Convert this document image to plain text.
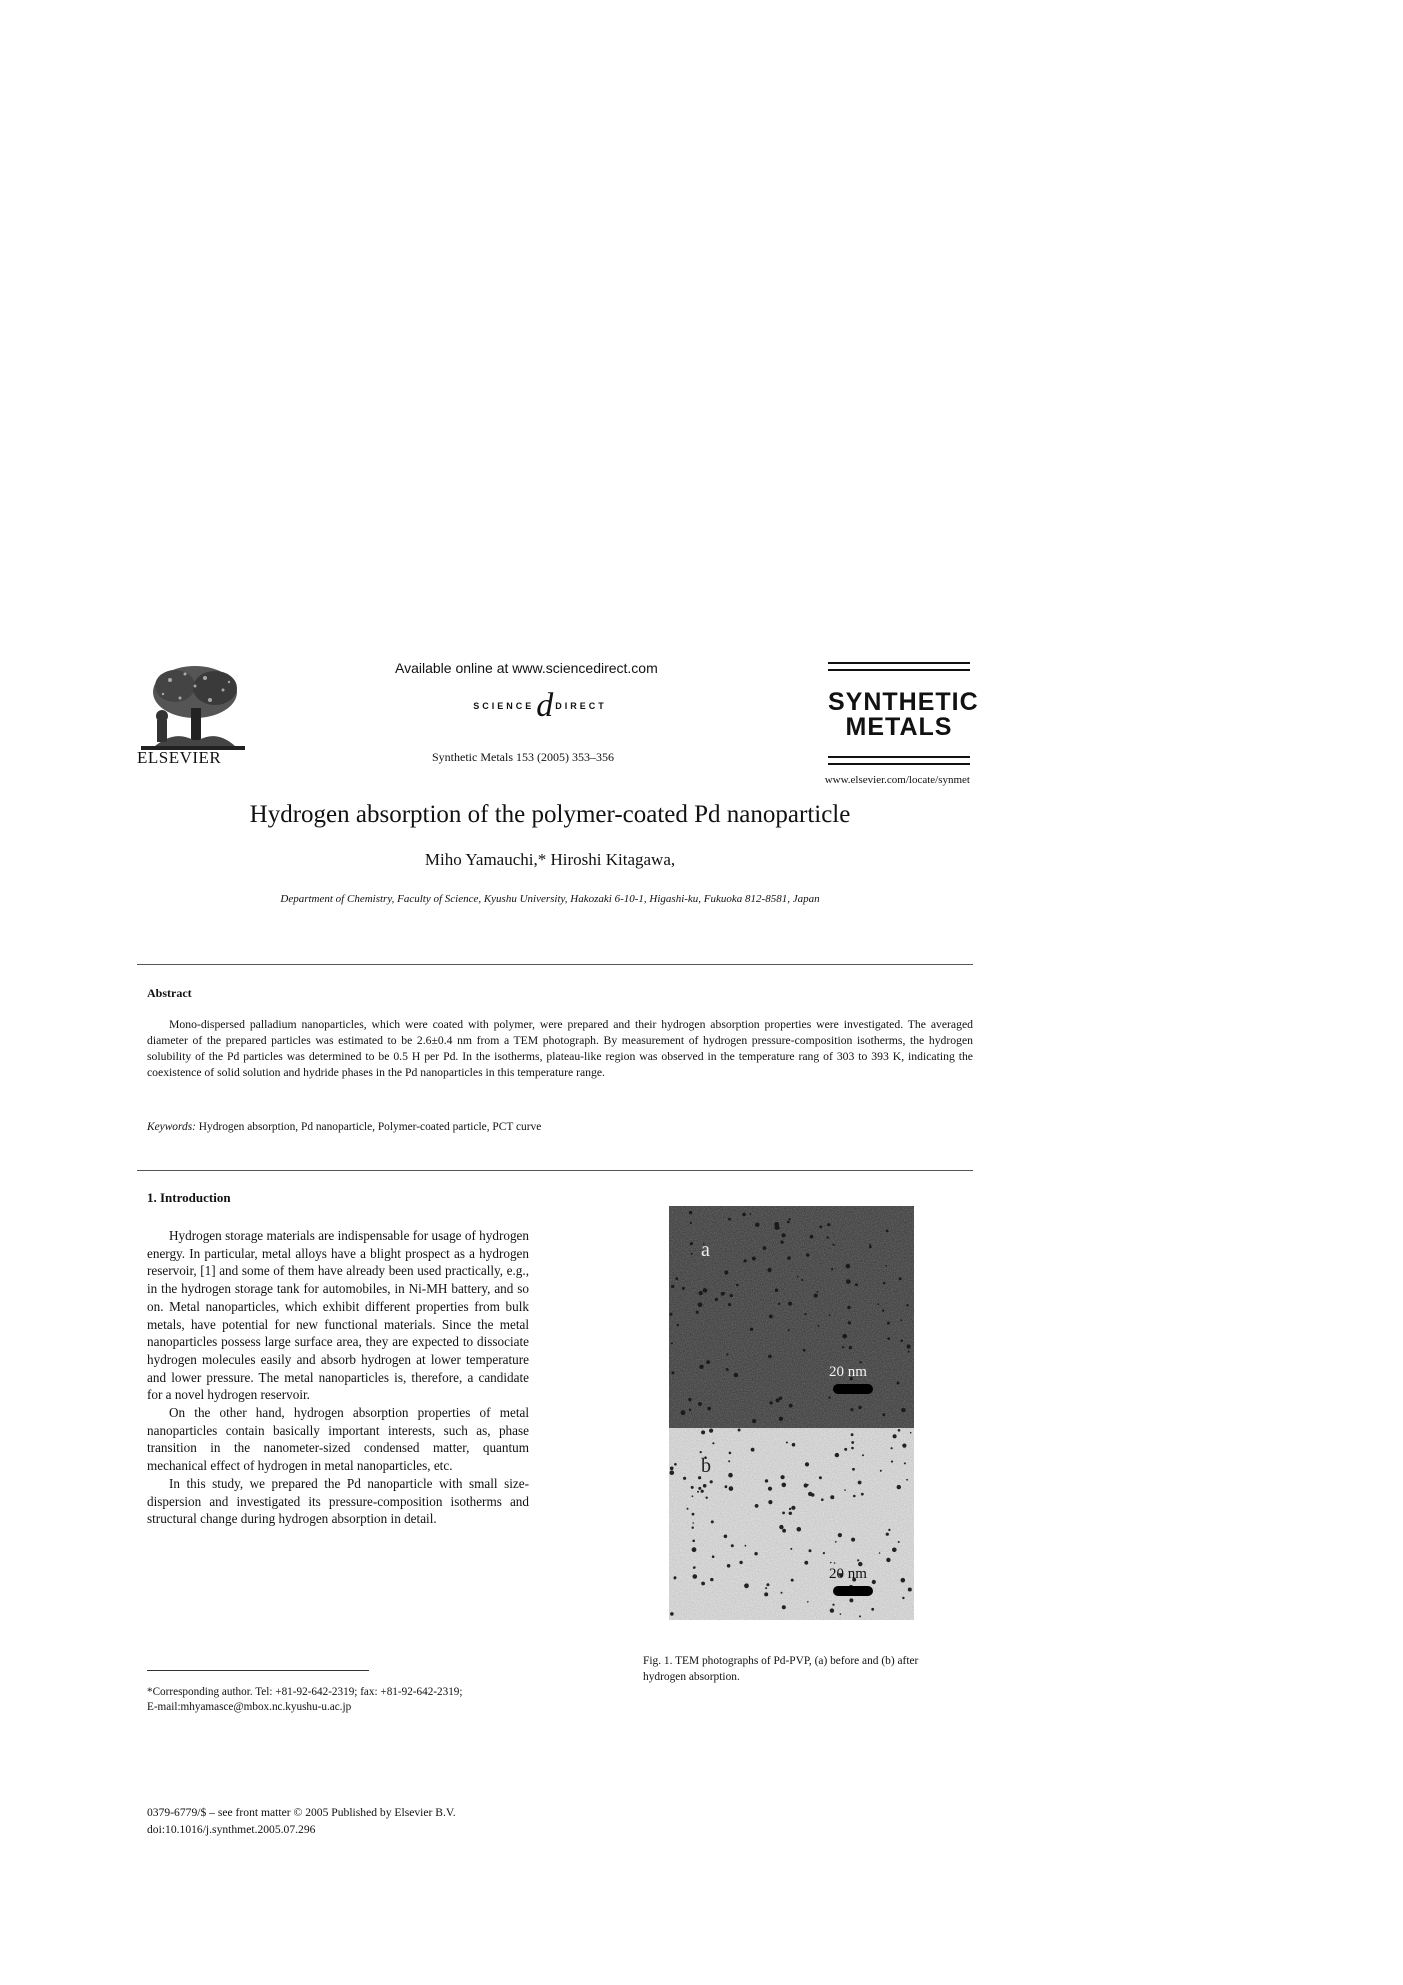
Available online at www.sciencedirect.com
SCIENCE d DIRECT
Synthetic Metals 153 (2005) 353–356
ELSEVIER
SYNTHETIC
METALS
www.elsevier.com/locate/synmet
Hydrogen absorption of the polymer-coated Pd nanoparticle
Miho Yamauchi,* Hiroshi Kitagawa,
Department of Chemistry, Faculty of Science, Kyushu University, Hakozaki 6-10-1, Higashi-ku, Fukuoka 812-8581, Japan
Abstract
Mono-dispersed palladium nanoparticles, which were coated with polymer, were prepared and their hydrogen absorption properties were investigated. The averaged diameter of the prepared particles was estimated to be 2.6±0.4 nm from a TEM photograph. By measurement of hydrogen pressure-composition isotherms, the hydrogen solubility of the Pd particles was determined to be 0.5 H per Pd. In the isotherms, plateau-like region was observed in the temperature rang of 303 to 393 K, indicating the coexistence of solid solution and hydride phases in the Pd nanoparticles in this temperature range.
Keywords: Hydrogen absorption, Pd nanoparticle, Polymer-coated particle, PCT curve
1. Introduction

Hydrogen storage materials are indispensable for usage of hydrogen energy. In particular, metal alloys have a blight prospect as a hydrogen reservoir, [1] and some of them have already been used practically, e.g., in the hydrogen storage tank for automobiles, in Ni-MH battery, and so on. Metal nanoparticles, which exhibit different properties from bulk metals, have potential for new functional materials. Since the metal nanoparticles possess large surface area, they are expected to dissociate hydrogen molecules easily and absorb hydrogen at lower temperature and lower pressure. The metal nanoparticles is, therefore, a candidate for a novel hydrogen reservoir.

On the other hand, hydrogen absorption properties of metal nanoparticles contain basically important interests, such as, phase transition in the nanometer-sized condensed matter, quantum mechanical effect of hydrogen in metal nanoparticles, etc.

In this study, we prepared the Pd nanoparticle with small size-dispersion and investigated its pressure-composition isotherms and structural change during hydrogen absorption in detail.

a
20 nm
b
20 nm
Fig. 1. TEM photographs of Pd-PVP, (a) before and (b) after hydrogen absorption.
*Corresponding author. Tel: +81-92-642-2319; fax: +81-92-642-2319;
E-mail:mhyamasce@mbox.nc.kyushu-u.ac.jp
0379-6779/$ – see front matter © 2005 Published by Elsevier B.V.
doi:10.1016/j.synthmet.2005.07.296
